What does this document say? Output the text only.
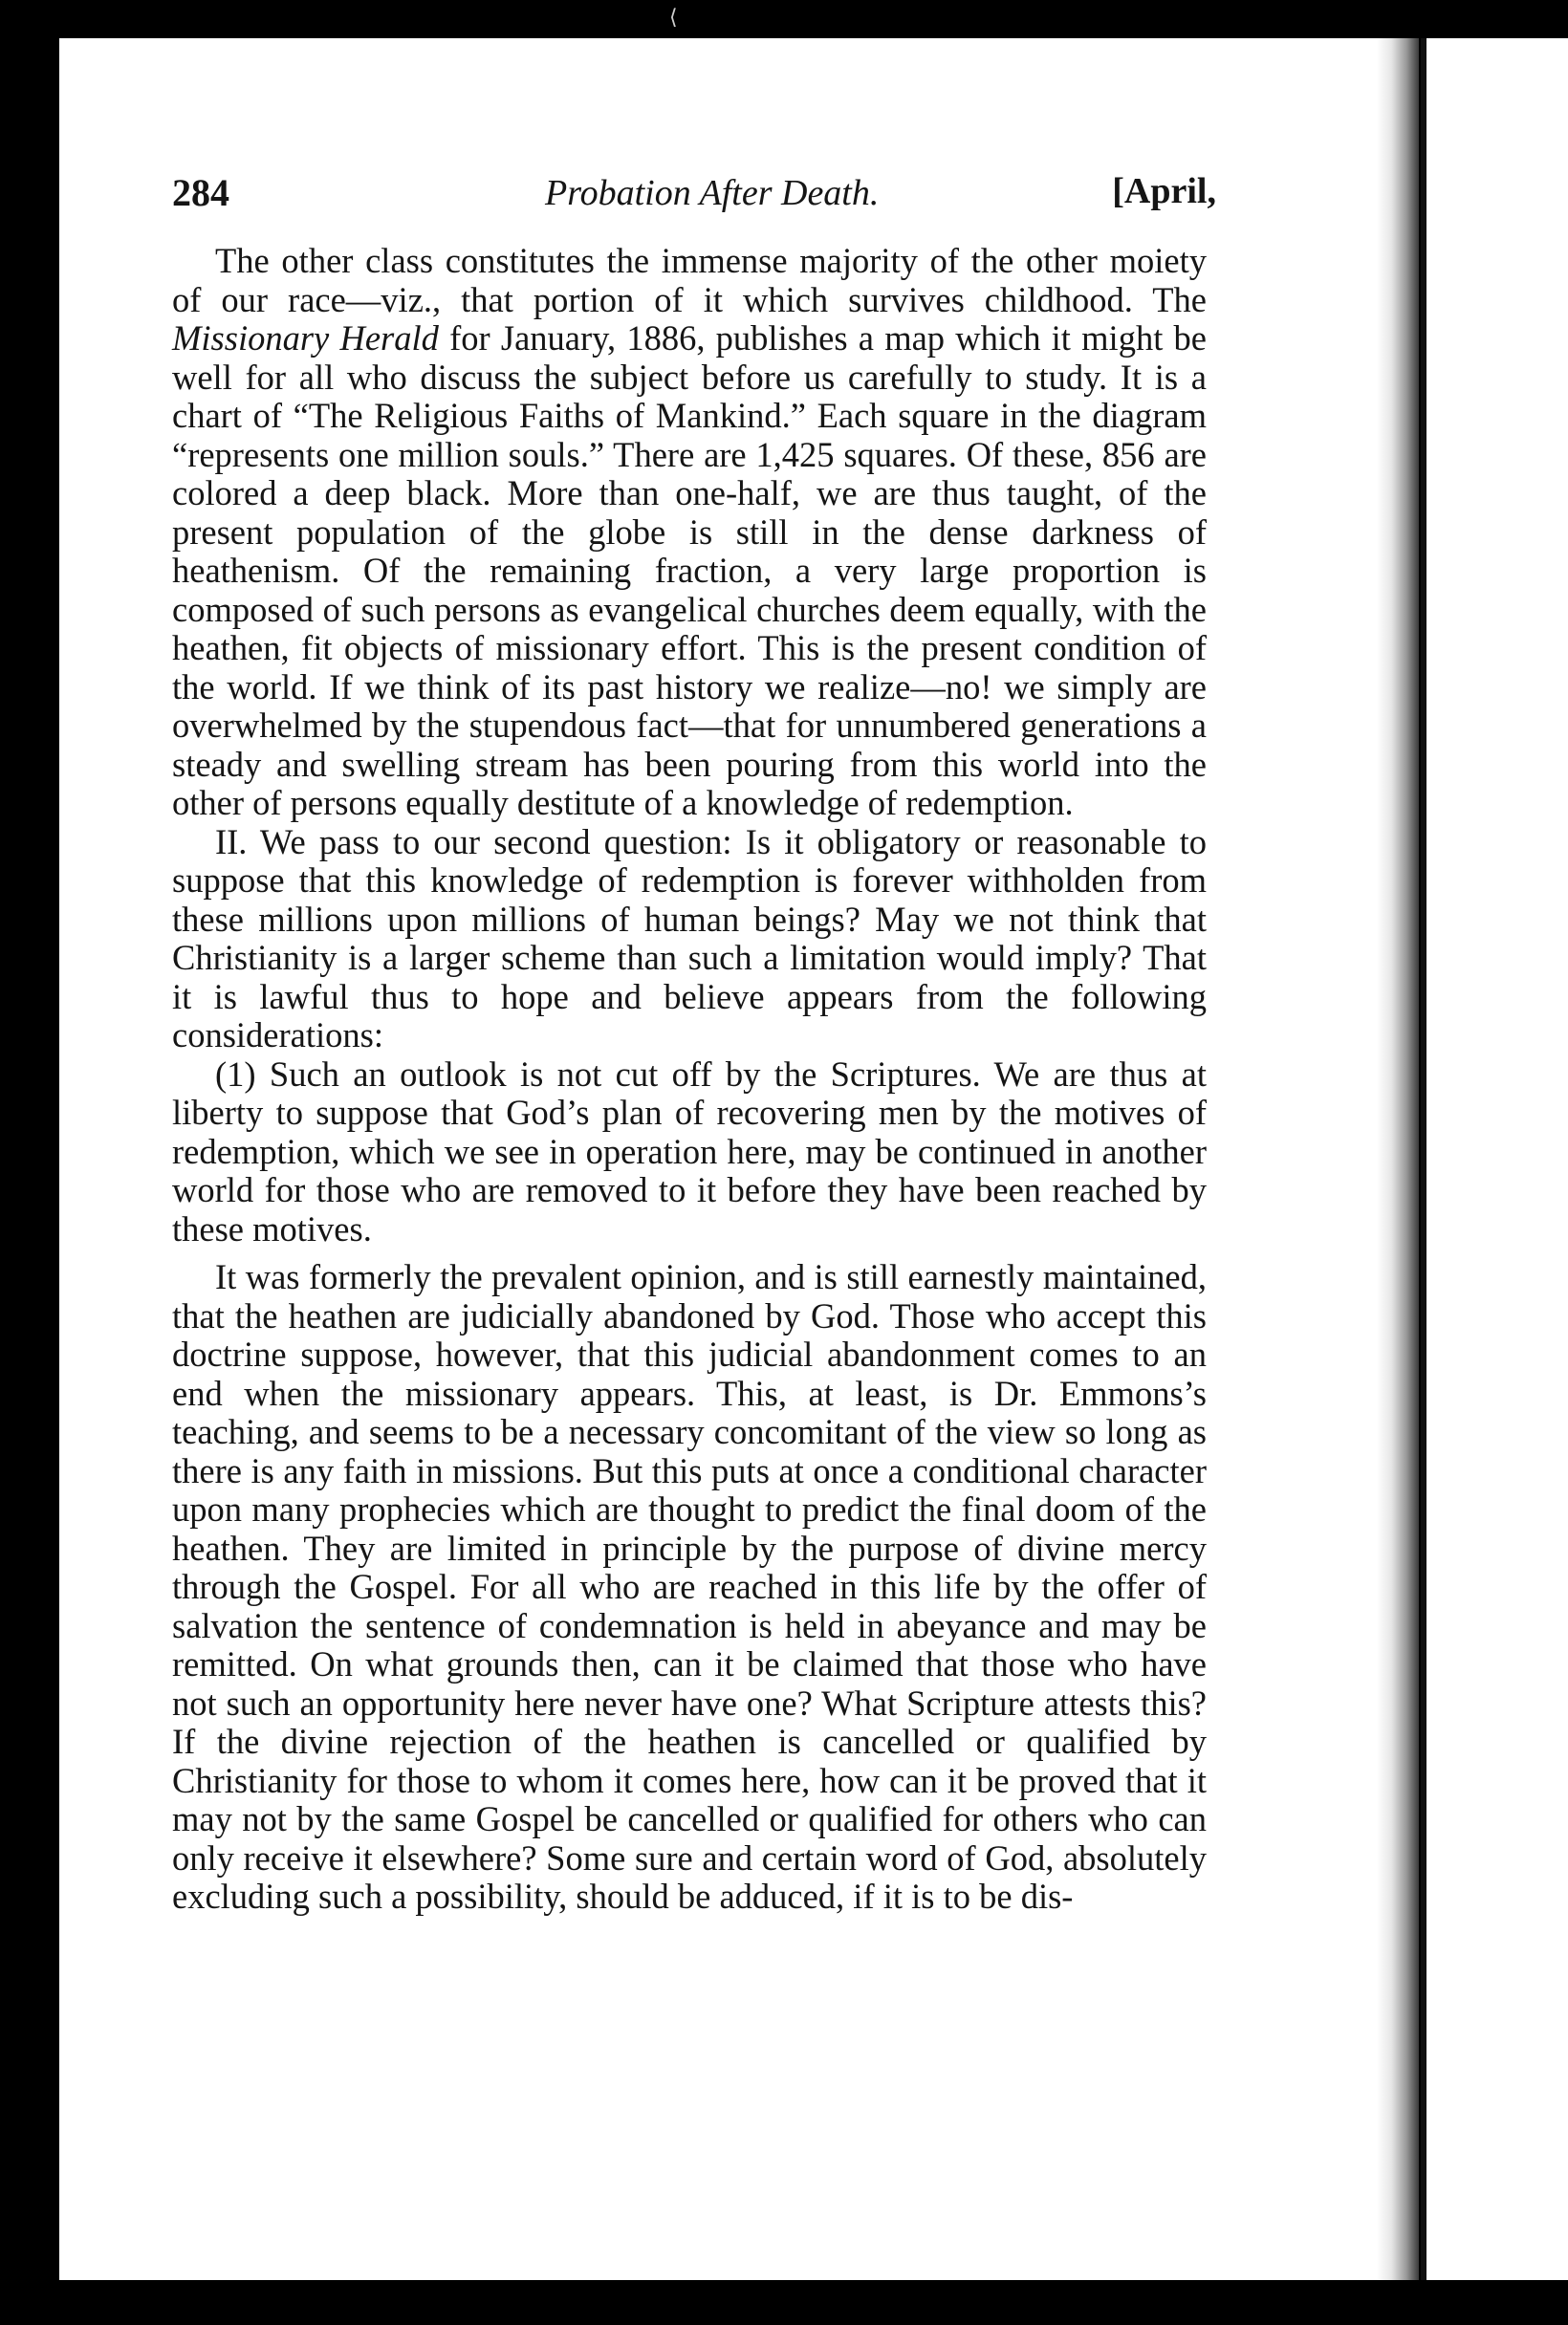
⟨
284	Probation After Death.	[April,

The other class constitutes the immense majority of the other moiety of our race—viz., that portion of it which survives childhood. The Missionary Herald for January, 1886, publishes a map which it might be well for all who discuss the subject before us carefully to study. It is a chart of “The Religious Faiths of Mankind.” Each square in the diagram “represents one million souls.” There are 1,425 squares. Of these, 856 are colored a deep black. More than one-half, we are thus taught, of the present population of the globe is still in the dense darkness of heathenism. Of the remaining fraction, a very large proportion is composed of such persons as evangelical churches deem equally, with the heathen, fit objects of missionary effort. This is the present condition of the world. If we think of its past history we realize—no! we simply are overwhelmed by the stupendous fact—that for unnumbered generations a steady and swelling stream has been pouring from this world into the other of persons equally destitute of a knowledge of redemption.

II. We pass to our second question: Is it obligatory or reasonable to suppose that this knowledge of redemption is forever withholden from these millions upon millions of human beings? May we not think that Christianity is a larger scheme than such a limitation would imply? That it is lawful thus to hope and believe appears from the following considerations:

(1) Such an outlook is not cut off by the Scriptures. We are thus at liberty to suppose that God’s plan of recovering men by the motives of redemption, which we see in operation here, may be continued in another world for those who are removed to it before they have been reached by these motives.

It was formerly the prevalent opinion, and is still earnestly maintained, that the heathen are judicially abandoned by God. Those who accept this doctrine suppose, however, that this judicial abandonment comes to an end when the missionary appears. This, at least, is Dr. Emmons’s teaching, and seems to be a necessary concomitant of the view so long as there is any faith in missions. But this puts at once a conditional character upon many prophecies which are thought to predict the final doom of the heathen. They are limited in principle by the purpose of divine mercy through the Gospel. For all who are reached in this life by the offer of salvation the sentence of condemnation is held in abeyance and may be remitted. On what grounds then, can it be claimed that those who have not such an opportunity here never have one? What Scripture attests this? If the divine rejection of the heathen is cancelled or qualified by Christianity for those to whom it comes here, how can it be proved that it may not by the same Gospel be cancelled or qualified for others who can only receive it elsewhere? Some sure and certain word of God, absolutely excluding such a possibility, should be adduced, if it is to be dis-
